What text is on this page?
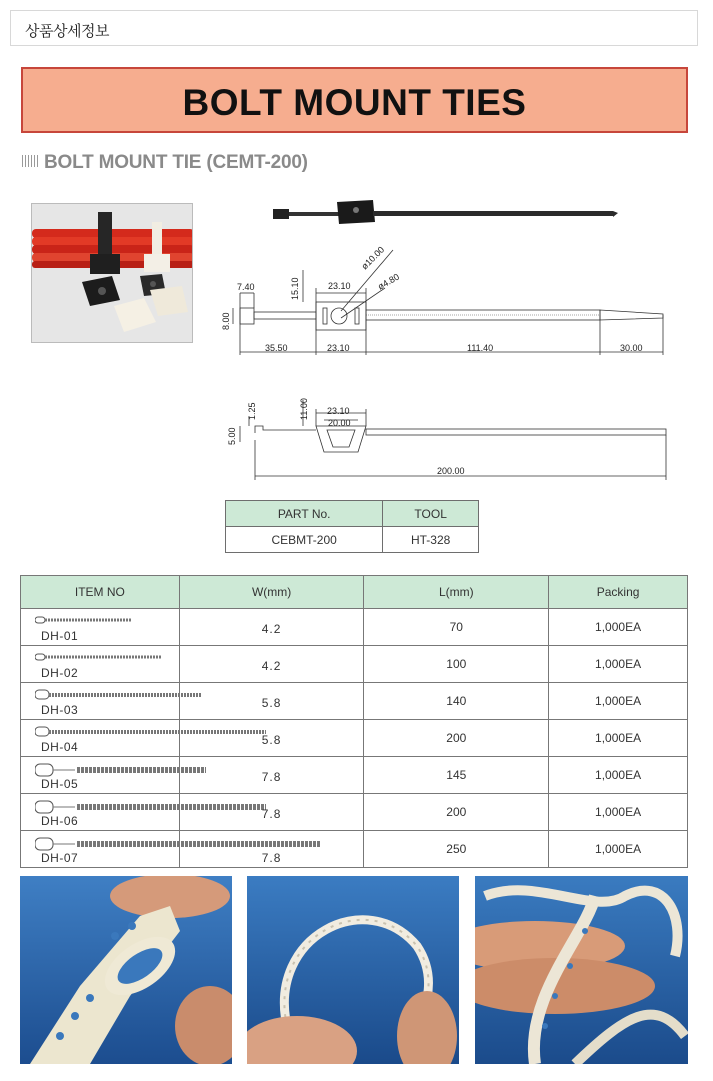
상품상세정보
BOLT MOUNT TIES
BOLT MOUNT TIE (CEMT-200)
7.40	15.10	23.10
ø10.00
ø4.80
8.00
35.50	23.10	111.40	30.00
1.25	11.00 23.10
20.00
5.00
200.00
PART No.	TOOL
CEBMT-200	HT-328
ITEM NO	W(mm)	L(mm)	Packing

DH-01	4.2	70	1,000EA

DH-02	4.2	100	1,000EA

DH-03	5.8	140	1,000EA

DH-04	5.8	200	1,000EA

DH-05	7.8	145	1,000EA

DH-06	7.8	200	1,000EA

DH-07	7.8	250	1,000EA
